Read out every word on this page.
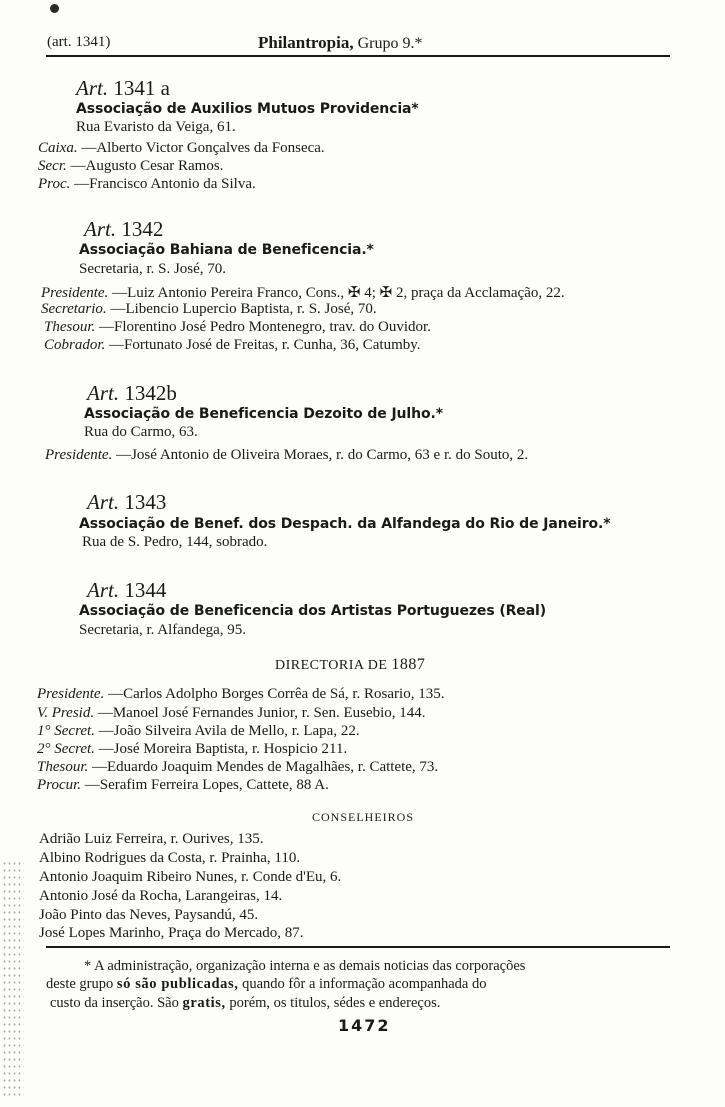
(art. 1341)	Philantropia, Grupo 9.*
Art. 1341 a
Associação de Auxilios Mutuos Providencia*
Rua Evaristo da Veiga, 61.
Caixa. —Alberto Victor Gonçalves da Fonseca.
Secr. —Augusto Cesar Ramos.
Proc. —Francisco Antonio da Silva.
Art. 1342
Associação Bahiana de Beneficencia.*
Secretaria, r. S. José, 70.
Presidente. —Luiz Antonio Pereira Franco, Cons., ✠ 4; ✠ 2, praça da Acclamação, 22.
Secretario. —Libencio Lupercio Baptista, r. S. José, 70.
Thesour. —Florentino José Pedro Montenegro, trav. do Ouvidor.
Cobrador. —Fortunato José de Freitas, r. Cunha, 36, Catumby.
Art. 1342b
Associação de Beneficencia Dezoito de Julho.*
Rua do Carmo, 63.
Presidente. —José Antonio de Oliveira Moraes, r. do Carmo, 63 e r. do Souto, 2.
Art. 1343
Associação de Benef. dos Despach. da Alfandega do Rio de Janeiro.*
Rua de S. Pedro, 144, sobrado.
Art. 1344
Associação de Beneficencia dos Artistas Portuguezes (Real)
Secretaria, r. Alfandega, 95.
DIRECTORIA DE 1887
Presidente. —Carlos Adolpho Borges Corrêa de Sá, r. Rosario, 135.
V. Presid. —Manoel José Fernandes Junior, r. Sen. Eusebio, 144.
1° Secret. —João Silveira Avila de Mello, r. Lapa, 22.
2° Secret. —José Moreira Baptista, r. Hospicio 211.
Thesour. —Eduardo Joaquim Mendes de Magalhães, r. Cattete, 73.
Procur. —Serafim Ferreira Lopes, Cattete, 88 A.
CONSELHEIROS
Adrião Luiz Ferreira, r. Ourives, 135.
Albino Rodrigues da Costa, r. Prainha, 110.
Antonio Joaquim Ribeiro Nunes, r. Conde d'Eu, 6.
Antonio José da Rocha, Larangeiras, 14.
João Pinto das Neves, Paysandú, 45.
José Lopes Marinho, Praça do Mercado, 87.
* A administração, organização interna e as demais noticias das corporações
deste grupo só são publicadas, quando fôr a informação acompanhada do
custo da inserção. São gratis, porém, os titulos, sédes e endereços.
1472
